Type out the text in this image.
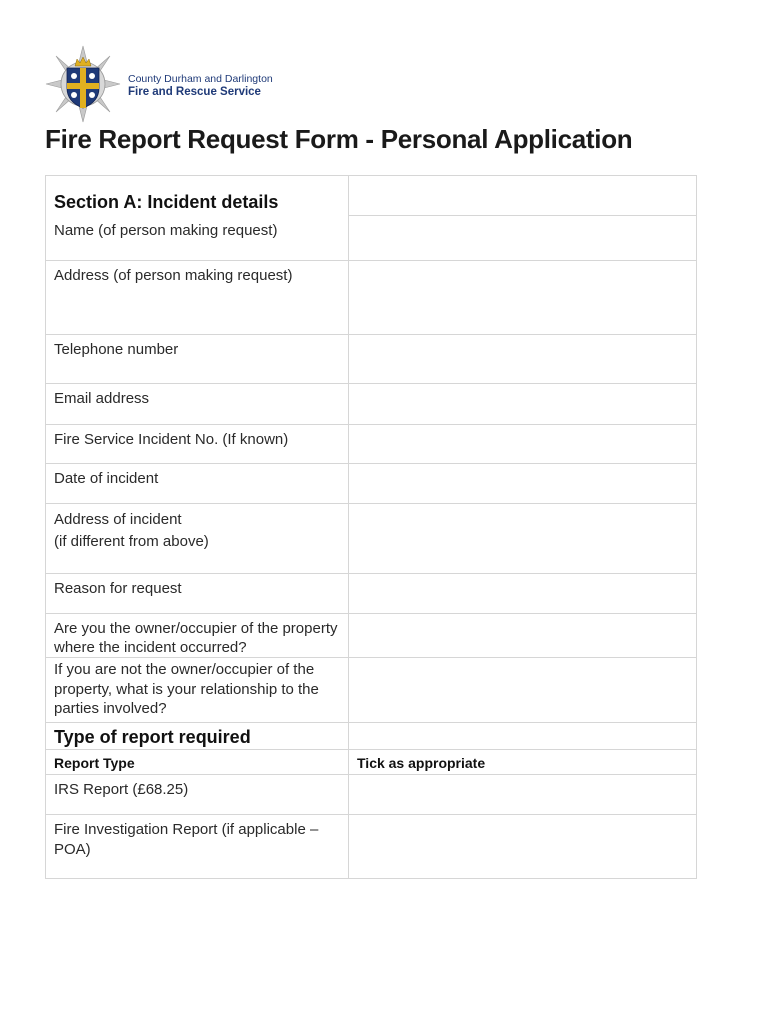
County Durham and Darlington
Fire and Rescue Service
Fire Report Request Form - Personal Application
Section A: Incident details	
Name (of person making request)	
Address (of person making request)	
Telephone number	
Email address	
Fire Service Incident No. (If known)	
Date of incident	

Address of incident
(if different from above)	

Reason for request	
Are you the owner/occupier of the property where the incident occurred?	
If you are not the owner/occupier of the property, what is your relationship to the parties involved?	
Type of report required	
Report Type	Tick as appropriate
IRS Report (£68.25)	
Fire Investigation Report (if applicable – POA)	
